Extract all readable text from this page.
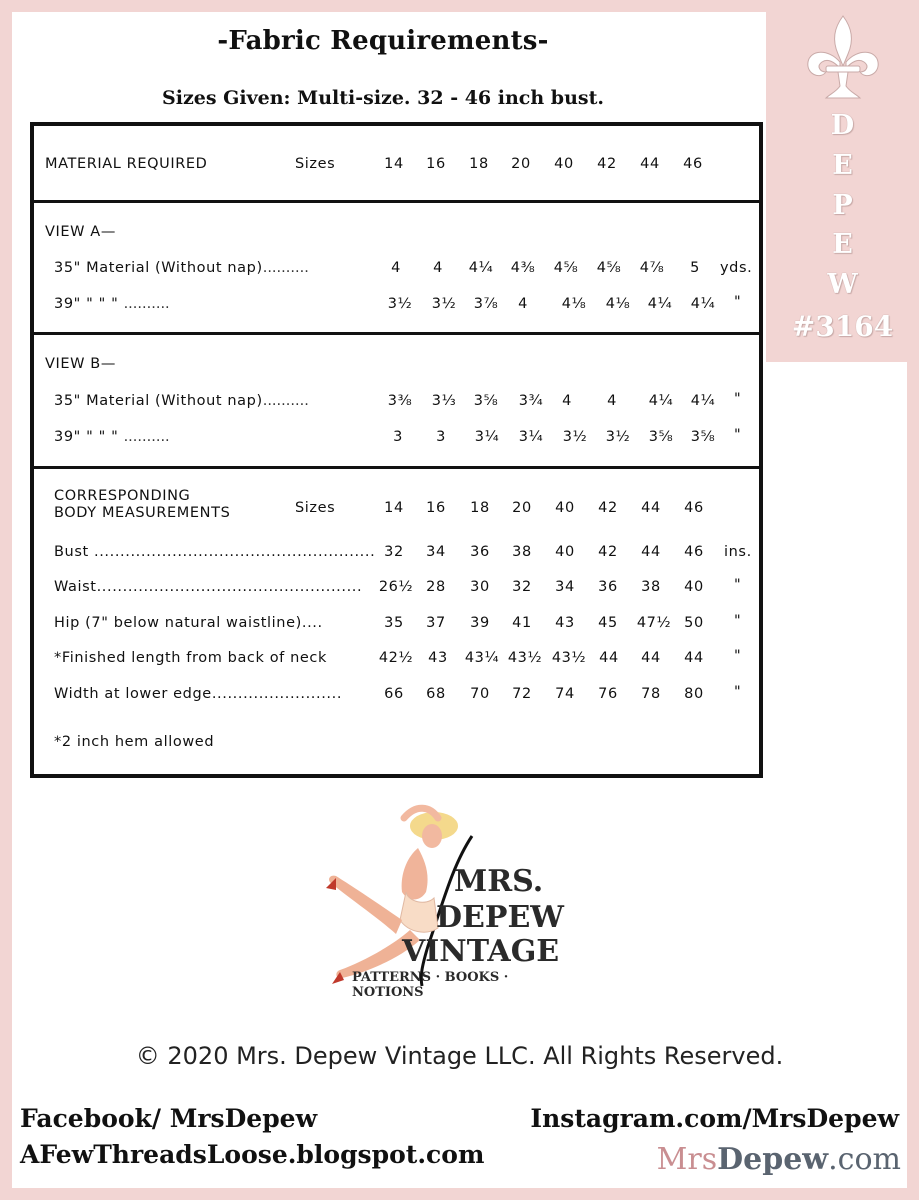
D
E
P
E
W
#3164
-Fabric Requirements-
Sizes Given: Multi-size. 32 - 46 inch bust.
MATERIAL REQUIRED	Sizes	14 16 18 20 40 42 44 46
VIEW A—
35" Material (Without nap)..........	4 4 4¼ 4⅜ 4⅝ 4⅝ 4⅞ 5 yds.
39" " " " ..........	3½ 3½ 3⅞ 4 4⅛ 4⅛ 4¼ 4¼ "
VIEW B—
35" Material (Without nap)..........	3⅜ 3⅓ 3⅝ 3¾ 4 4 4¼ 4¼ "
39" " " " ..........	3 3 3¼ 3¼ 3½ 3½ 3⅝ 3⅝ "
CORRESPONDING
BODY MEASUREMENTS	Sizes	14 16 18 20 40 42 44 46
Bust ...................................................... 32 34 36 38 40 42 44 46 ins.
Waist................................................... 26½ 28 30 32 34 36 38 40 "
Hip (7" below natural waistline)....	35 37 39 41 43 45 47½ 50 "
*Finished length from back of neck	42½ 43 43¼ 43½ 43½ 44 44 44 "
Width at lower edge.........................	66 68 70 72 74 76 78 80 "
*2 inch hem allowed
MRS.
DEPEW
VINTAGE
PATTERNS · BOOKS · NOTIONS
© 2020 Mrs. Depew Vintage LLC. All Rights Reserved.
Facebook/ MrsDepew
AFewThreadsLoose.blogspot.com
Instagram.com/MrsDepew
MrsDepew.com
